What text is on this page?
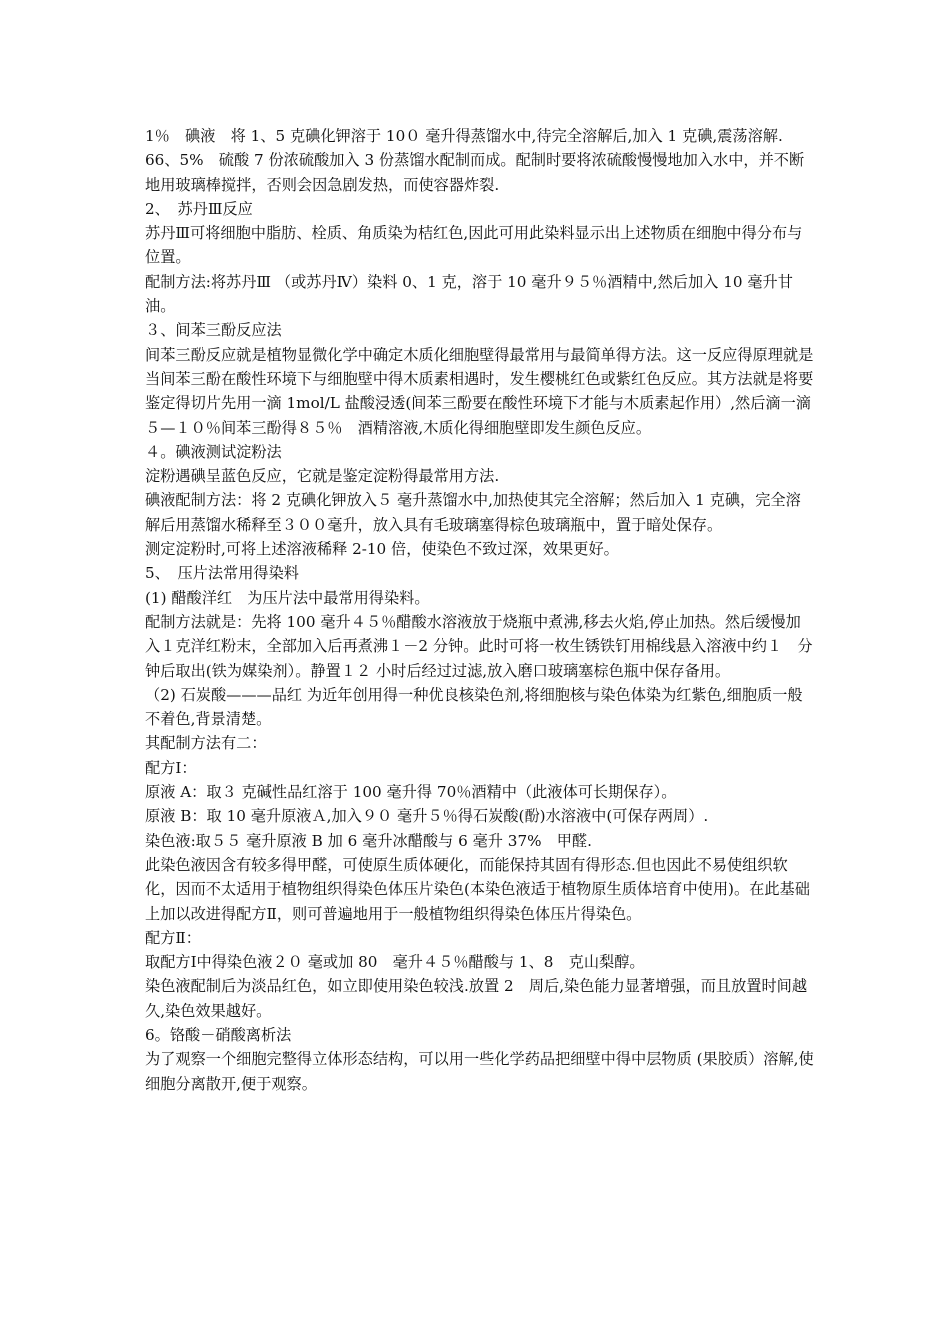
1％　碘液　将 1、5 克碘化钾溶于 10０ 毫升得蒸馏水中,待完全溶解后,加入 1 克碘,震荡溶解.

66、5%　硫酸 7 份浓硫酸加入 3 份蒸馏水配制而成。配制时要将浓硫酸慢慢地加入水中，并不断地用玻璃棒搅拌，否则会因急剧发热，而使容器炸裂.

2、　苏丹Ⅲ反应

苏丹Ⅲ可将细胞中脂肪、栓质、角质染为桔红色,因此可用此染料显示出上述物质在细胞中得分布与位置。

配制方法:将苏丹Ⅲ （或苏丹Ⅳ）染料 0、1 克，溶于 10 毫升９５％酒精中,然后加入 10 毫升甘油。

３、间苯三酚反应法

间苯三酚反应就是植物显微化学中确定木质化细胞壁得最常用与最简单得方法。这一反应得原理就是当间苯三酚在酸性环境下与细胞壁中得木质素相遇时，发生樱桃红色或紫红色反应。其方法就是将要鉴定得切片先用一滴 1mol/L 盐酸浸透(间苯三酚要在酸性环境下才能与木质素起作用）,然后滴一滴５—１０％间苯三酚得８５％　酒精溶液,木质化得细胞壁即发生颜色反应。

４。碘液测试淀粉法

淀粉遇碘呈蓝色反应，它就是鉴定淀粉得最常用方法.

碘液配制方法：将 2 克碘化钾放入５ 毫升蒸馏水中,加热使其完全溶解；然后加入 1 克碘，完全溶解后用蒸馏水稀释至３００毫升，放入具有毛玻璃塞得棕色玻璃瓶中，置于暗处保存。

测定淀粉时,可将上述溶液稀释 2-10 倍，使染色不致过深，效果更好。

5、　压片法常用得染料

(1) 醋酸洋红　为压片法中最常用得染料。

配制方法就是：先将 100 毫升４５％醋酸水溶液放于烧瓶中煮沸,移去火焰,停止加热。然后缓慢加入１克洋红粉末，全部加入后再煮沸１－2 分钟。此时可将一枚生锈铁钉用棉线悬入溶液中约１　分钟后取出(铁为媒染剂）。静置１２ 小时后经过过滤,放入磨口玻璃塞棕色瓶中保存备用。

（2) 石炭酸———品红 为近年创用得一种优良核染色剂,将细胞核与染色体染为红紫色,细胞质一般不着色,背景清楚。

其配制方法有二：

配方Ⅰ：

原液 A：取３ 克碱性品红溶于 100 毫升得 70％酒精中（此液体可长期保存）。

原液 B：取 10 毫升原液Ａ,加入９０ 毫升５％得石炭酸(酚)水溶液中(可保存两周）.

染色液:取５５ 毫升原液 B 加 6 毫升冰醋酸与 6 毫升 37%　甲醛.

此染色液因含有较多得甲醛，可使原生质体硬化，而能保持其固有得形态.但也因此不易使组织软化，因而不太适用于植物组织得染色体压片染色(本染色液适于植物原生质体培育中使用)。在此基础上加以改进得配方Ⅱ，则可普遍地用于一般植物组织得染色体压片得染色。

配方Ⅱ：

取配方Ⅰ中得染色液２０ 毫或加 80　毫升４５％醋酸与 1、8　克山梨醇。

染色液配制后为淡品红色，如立即使用染色较浅.放置 2　周后,染色能力显著增强，而且放置时间越久,染色效果越好。

6。铬酸－硝酸离析法

为了观察一个细胞完整得立体形态结构，可以用一些化学药品把细壁中得中层物质 (果胶质）溶解,使细胞分离散开,便于观察。
